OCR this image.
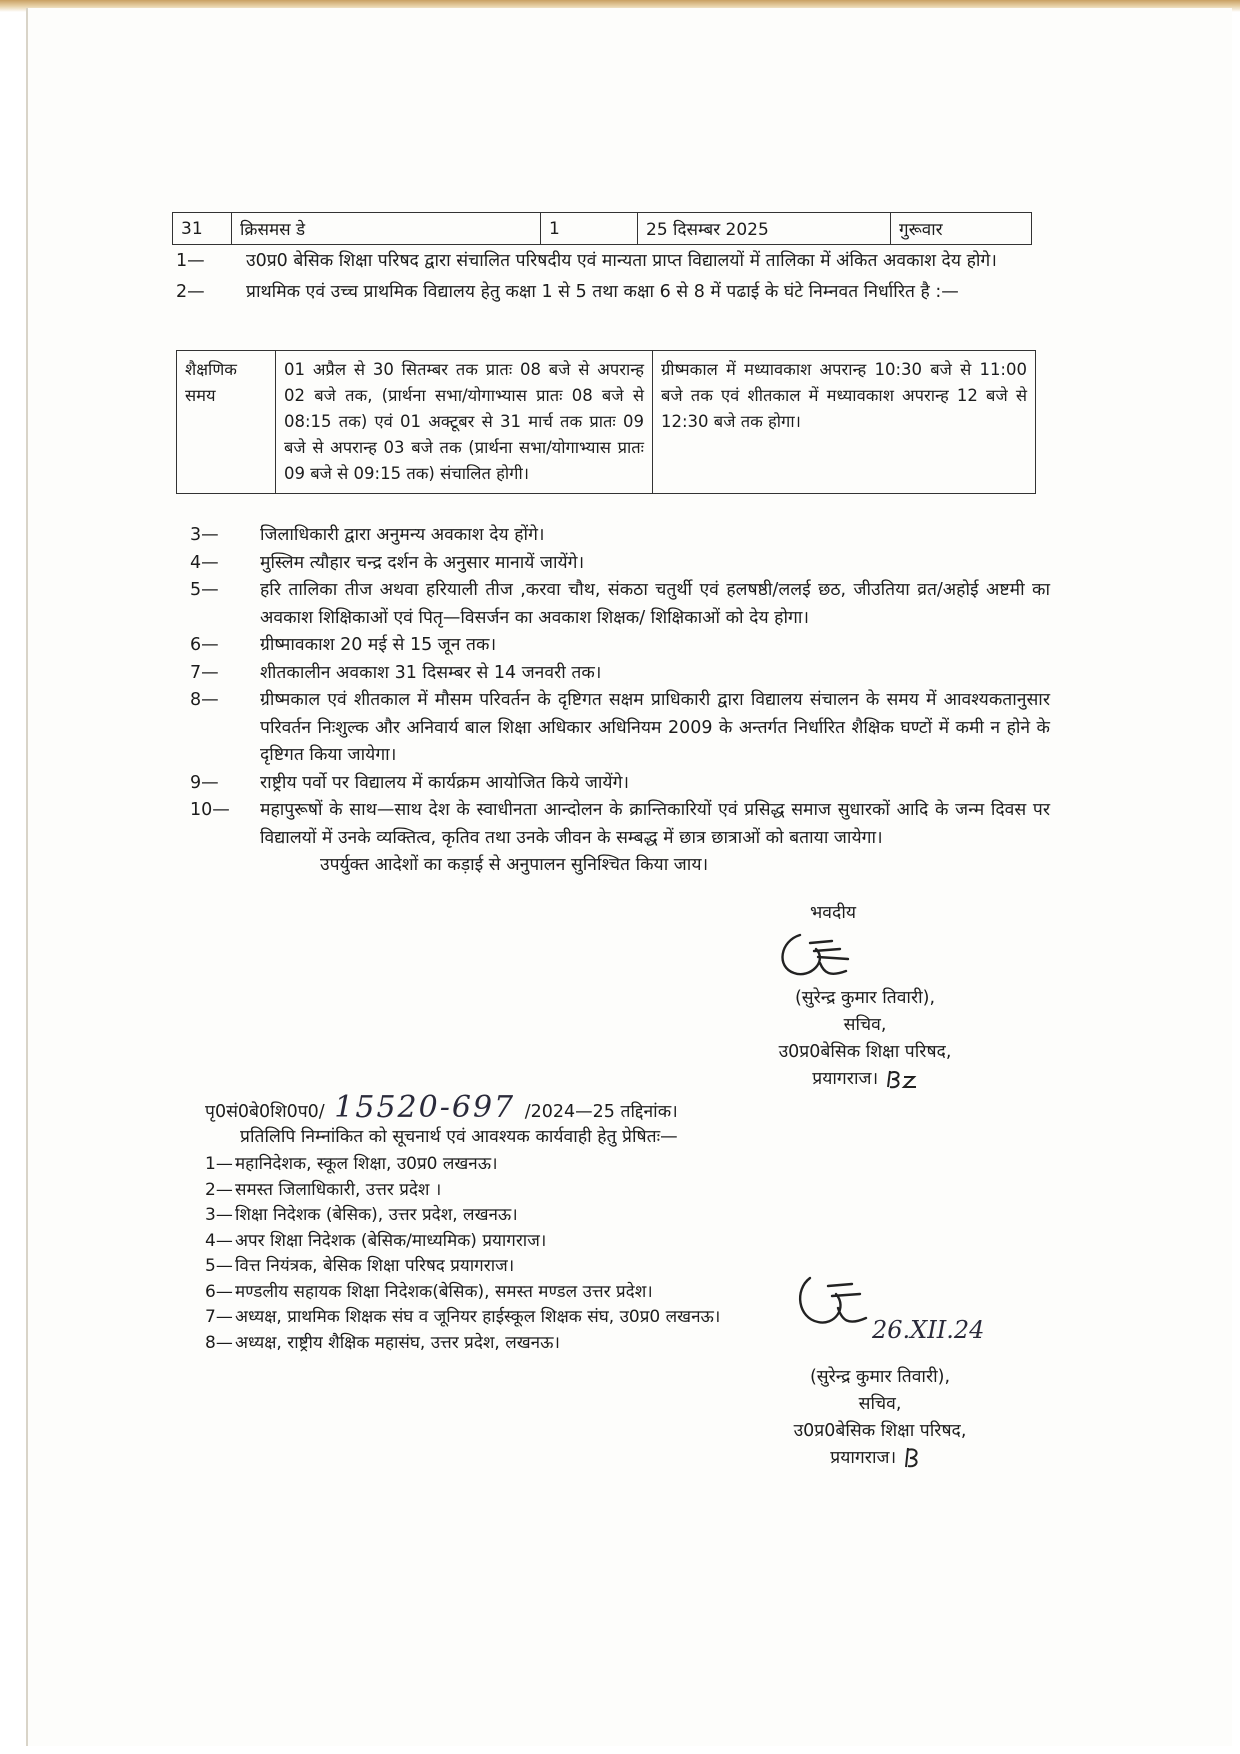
31	क्रिसमस डे	1	25 दिसम्बर 2025	गुरूवार
1—	उ0प्र0 बेसिक शिक्षा परिषद द्वारा संचालित परिषदीय एवं मान्यता प्राप्त विद्यालयों में तालिका में अंकित अवकाश देय होगे।
2—	प्राथमिक एवं उच्च प्राथमिक विद्यालय हेतु कक्षा 1 से 5 तथा कक्षा 6 से 8 में पढाई के घंटे निम्नवत निर्धारित है :—
शैक्षणिक समय	01 अप्रैल से 30 सितम्बर तक प्रातः 08 बजे से अपरान्ह 02 बजे तक, (प्रार्थना सभा/योगाभ्यास प्रातः 08 बजे से 08:15 तक) एवं 01 अक्टूबर से 31 मार्च तक प्रातः 09 बजे से अपरान्ह 03 बजे तक (प्रार्थना सभा/योगाभ्यास प्रातः 09 बजे से 09:15 तक) संचालित होगी।	ग्रीष्मकाल में मध्यावकाश अपरान्ह 10:30 बजे से 11:00 बजे तक एवं शीतकाल में मध्यावकाश अपरान्ह 12 बजे से 12:30 बजे तक होगा।
3—	जिलाधिकारी द्वारा अनुमन्य अवकाश देय होंगे।
4—	मुस्लिम त्यौहार चन्द्र दर्शन के अनुसार मानायें जायेंगे।
5—	हरि तालिका तीज अथवा हरियाली तीज ,करवा चौथ, संकठा चतुर्थी एवं हलषष्ठी/ललई छठ, जीउतिया व्रत/अहोई अष्टमी का अवकाश शिक्षिकाओं एवं पितृ—विसर्जन का अवकाश शिक्षक/ शिक्षिकाओं को देय होगा।
6—	ग्रीष्मावकाश 20 मई से 15 जून तक।
7—	शीतकालीन अवकाश 31 दिसम्बर से 14 जनवरी तक।
8—	ग्रीष्मकाल एवं शीतकाल में मौसम परिवर्तन के दृष्टिगत सक्षम प्राधिकारी द्वारा विद्यालय संचालन के समय में आवश्यकतानुसार परिवर्तन निःशुल्क और अनिवार्य बाल शिक्षा अधिकार अधिनियम 2009 के अन्तर्गत निर्धारित शैक्षिक घण्टों में कमी न होने के दृष्टिगत किया जायेगा।
9—	राष्ट्रीय पर्वो पर विद्यालय में कार्यक्रम आयोजित किये जायेंगे।
10—	महापुरूषों के साथ—साथ देश के स्वाधीनता आन्दोलन के क्रान्तिकारियों एवं प्रसिद्ध समाज सुधारकों आदि के जन्म दिवस पर विद्यालयों में उनके व्यक्तित्व, कृतिव तथा उनके जीवन के सम्बद्ध में छात्र छात्राओं को बताया जायेगा।
उपर्युक्त आदेशों का कड़ाई से अनुपालन सुनिश्चित किया जाय।
भवदीय
(सुरेन्द्र कुमार तिवारी),
सचिव,
उ0प्र0बेसिक शिक्षा परिषद,
प्रयागराज।
पृ0सं0बे0शि0प0/ 15520-697 /2024—25 तद्दिनांक।
प्रतिलिपि निम्नांकित को सूचनार्थ एवं आवश्यक कार्यवाही हेतु प्रेषितः—
1— महानिदेशक, स्कूल शिक्षा, उ0प्र0 लखनऊ।
2— समस्त जिलाधिकारी, उत्तर प्रदेश ।
3— शिक्षा निदेशक (बेसिक), उत्तर प्रदेश, लखनऊ।
4— अपर शिक्षा निदेशक (बेसिक/माध्यमिक) प्रयागराज।
5— वित्त नियंत्रक, बेसिक शिक्षा परिषद प्रयागराज।
6— मण्डलीय सहायक शिक्षा निदेशक(बेसिक), समस्त मण्डल उत्तर प्रदेश।
7— अध्यक्ष, प्राथमिक शिक्षक संघ व जूनियर हाईस्कूल शिक्षक संघ, उ0प्र0 लखनऊ।
8— अध्यक्ष, राष्ट्रीय शैक्षिक महासंघ, उत्तर प्रदेश, लखनऊ।	26.XII.24
(सुरेन्द्र कुमार तिवारी),
सचिव,
उ0प्र0बेसिक शिक्षा परिषद,
प्रयागराज।
